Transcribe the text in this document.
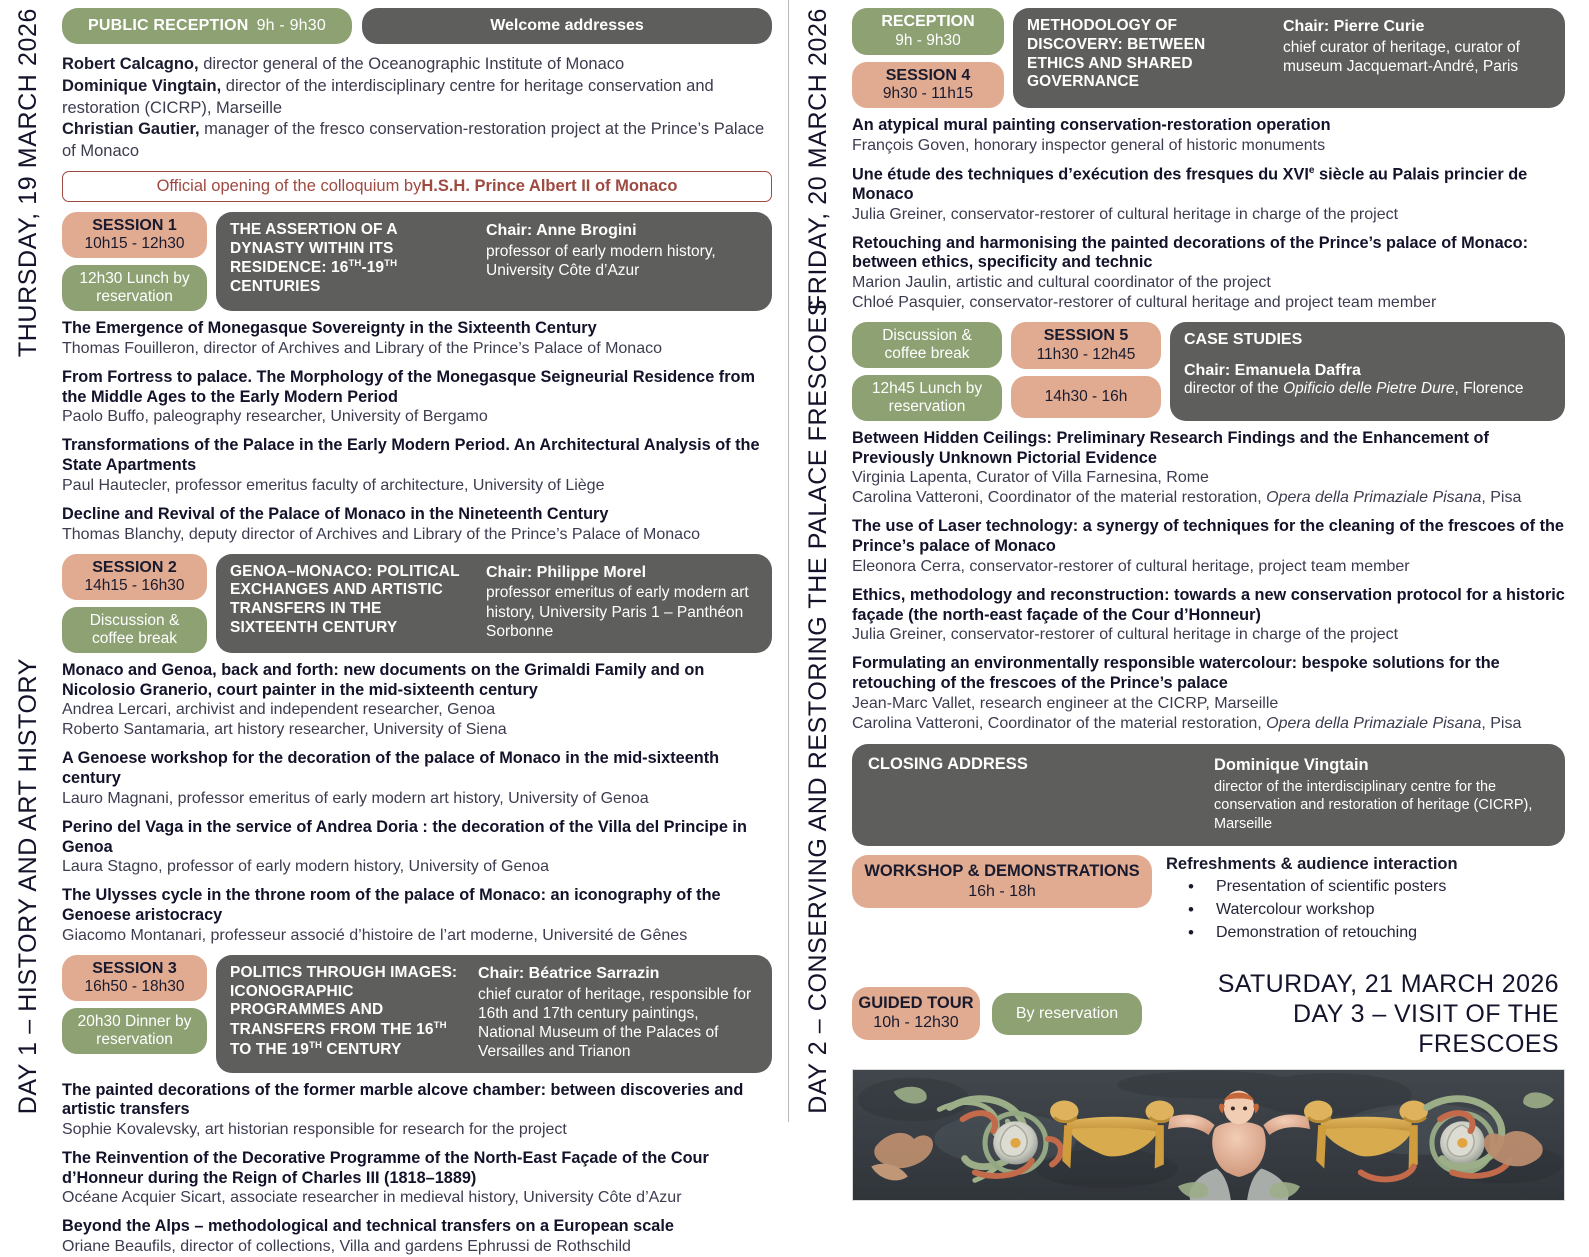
THURSDAY, 19 MARCH 2026
DAY 1 – HISTORY AND ART HISTORY
PUBLIC RECEPTION 9h - 9h30	Welcome addresses
Robert Calcagno, director general of the Oceanographic Institute of Monaco
Dominique Vingtain, director of the interdisciplinary centre for heritage conservation and restoration (CICRP), Marseille
Christian Gautier, manager of the fresco conservation-restoration project at the Prince’s Palace of Monaco
Official opening of the colloquium by H.S.H. Prince Albert II of Monaco
SESSION 1
10h15 - 12h30
12h30 Lunch by
reservation
THE ASSERTION OF A DYNASTY WITHIN ITS RESIDENCE: 16TH-19TH CENTURIES
Chair: Anne Brogini
professor of early modern history, University Côte d’Azur
The Emergence of Monegasque Sovereignty in the Sixteenth Century
Thomas Fouilleron, director of Archives and Library of the Prince’s Palace of Monaco
From Fortress to palace. The Morphology of the Monegasque Seigneurial Residence from the Middle Ages to the Early Modern Period
Paolo Buffo, paleography researcher, University of Bergamo
Transformations of the Palace in the Early Modern Period. An Architectural Analysis of the State Apartments
Paul Hautecler, professor emeritus faculty of architecture, University of Liège
Decline and Revival of the Palace of Monaco in the Nineteenth Century
Thomas Blanchy, deputy director of Archives and Library of the Prince’s Palace of Monaco
SESSION 2
14h15 - 16h30
Discussion &
coffee break
GENOA–MONACO: POLITICAL EXCHANGES AND ARTISTIC TRANSFERS IN THE SIXTEENTH CENTURY
Chair: Philippe Morel
professor emeritus of early modern art history, University Paris 1 – Panthéon Sorbonne
Monaco and Genoa, back and forth: new documents on the Grimaldi Family and on Nicolosio Granerio, court painter in the mid-sixteenth century
Andrea Lercari, archivist and independent researcher, Genoa
Roberto Santamaria, art history researcher, University of Siena
A Genoese workshop for the decoration of the palace of Monaco in the mid-sixteenth century
Lauro Magnani, professor emeritus of early modern art history, University of Genoa
Perino del Vaga in the service of Andrea Doria : the decoration of the Villa del Principe in Genoa
Laura Stagno, professor of early modern history, University of Genoa
The Ulysses cycle in the throne room of the palace of Monaco: an iconography of the Genoese aristocracy
Giacomo Montanari, professeur associé d’histoire de l’art moderne, Université de Gênes
SESSION 3
16h50 - 18h30
20h30 Dinner by
reservation
POLITICS THROUGH IMAGES: ICONOGRAPHIC PROGRAMMES AND TRANSFERS FROM THE 16TH TO THE 19TH CENTURY
Chair: Béatrice Sarrazin
chief curator of heritage, responsible for 16th and 17th century paintings, National Museum of the Palaces of Versailles and Trianon
The painted decorations of the former marble alcove chamber: between discoveries and artistic transfers
Sophie Kovalevsky, art historian responsible for research for the project
The Reinvention of the Decorative Programme of the North-East Façade of the Cour d’Honneur during the Reign of Charles III (1818–1889)
Océane Acquier Sicart, associate researcher in medieval history, University Côte d’Azur
Beyond the Alps – methodological and technical transfers on a European scale
Oriane Beaufils, director of collections, Villa and gardens Ephrussi de Rothschild
FRIDAY, 20 MARCH 2026
DAY 2 – CONSERVING AND RESTORING THE PALACE FRESCOES
RECEPTION
9h - 9h30
SESSION 4
9h30 - 11h15
METHODOLOGY OF DISCOVERY: BETWEEN ETHICS AND SHARED GOVERNANCE
Chair: Pierre Curie
chief curator of heritage, curator of museum Jacquemart-André, Paris
An atypical mural painting conservation-restoration operation
François Goven, honorary inspector general of historic monuments
Une étude des techniques d’exécution des fresques du XVIe siècle au Palais princier de Monaco
Julia Greiner, conservator-restorer of cultural heritage in charge of the project
Retouching and harmonising the painted decorations of the Prince’s palace of Monaco: between ethics, specificity and technic
Marion Jaulin, artistic and cultural coordinator of the project
Chloé Pasquier, conservator-restorer of cultural heritage and project team member
Discussion &
coffee break
12h45 Lunch by
reservation
SESSION 5
11h30 - 12h45
14h30 - 16h
CASE STUDIES
Chair: Emanuela Daffra
director of the Opificio delle Pietre Dure, Florence
Between Hidden Ceilings: Preliminary Research Findings and the Enhancement of Previously Unknown Pictorial Evidence
Virginia Lapenta, Curator of Villa Farnesina, Rome
Carolina Vatteroni, Coordinator of the material restoration, Opera della Primaziale Pisana, Pisa
The use of Laser technology: a synergy of techniques for the cleaning of the frescoes of the Prince’s palace of Monaco
Eleonora Cerra, conservator-restorer of cultural heritage, project team member
Ethics, methodology and reconstruction: towards a new conservation protocol for a historic façade (the north-east façade of the Cour d’Honneur)
Julia Greiner, conservator-restorer of cultural heritage in charge of the project
Formulating an environmentally responsible watercolour: bespoke solutions for the retouching of the frescoes of the Prince’s palace
Jean-Marc Vallet, research engineer at the CICRP, Marseille
Carolina Vatteroni, Coordinator of the material restoration, Opera della Primaziale Pisana, Pisa
CLOSING ADDRESS	Dominique Vingtain
director of the interdisciplinary centre for the conservation and restoration of heritage (CICRP), Marseille
WORKSHOP & DEMONSTRATIONS
16h - 18h
Refreshments & audience interaction
• Presentation of scientific posters
• Watercolour workshop
• Demonstration of retouching
GUIDED TOUR
10h - 12h30
By reservation
SATURDAY, 21 MARCH 2026
DAY 3 – VISIT OF THE FRESCOES
